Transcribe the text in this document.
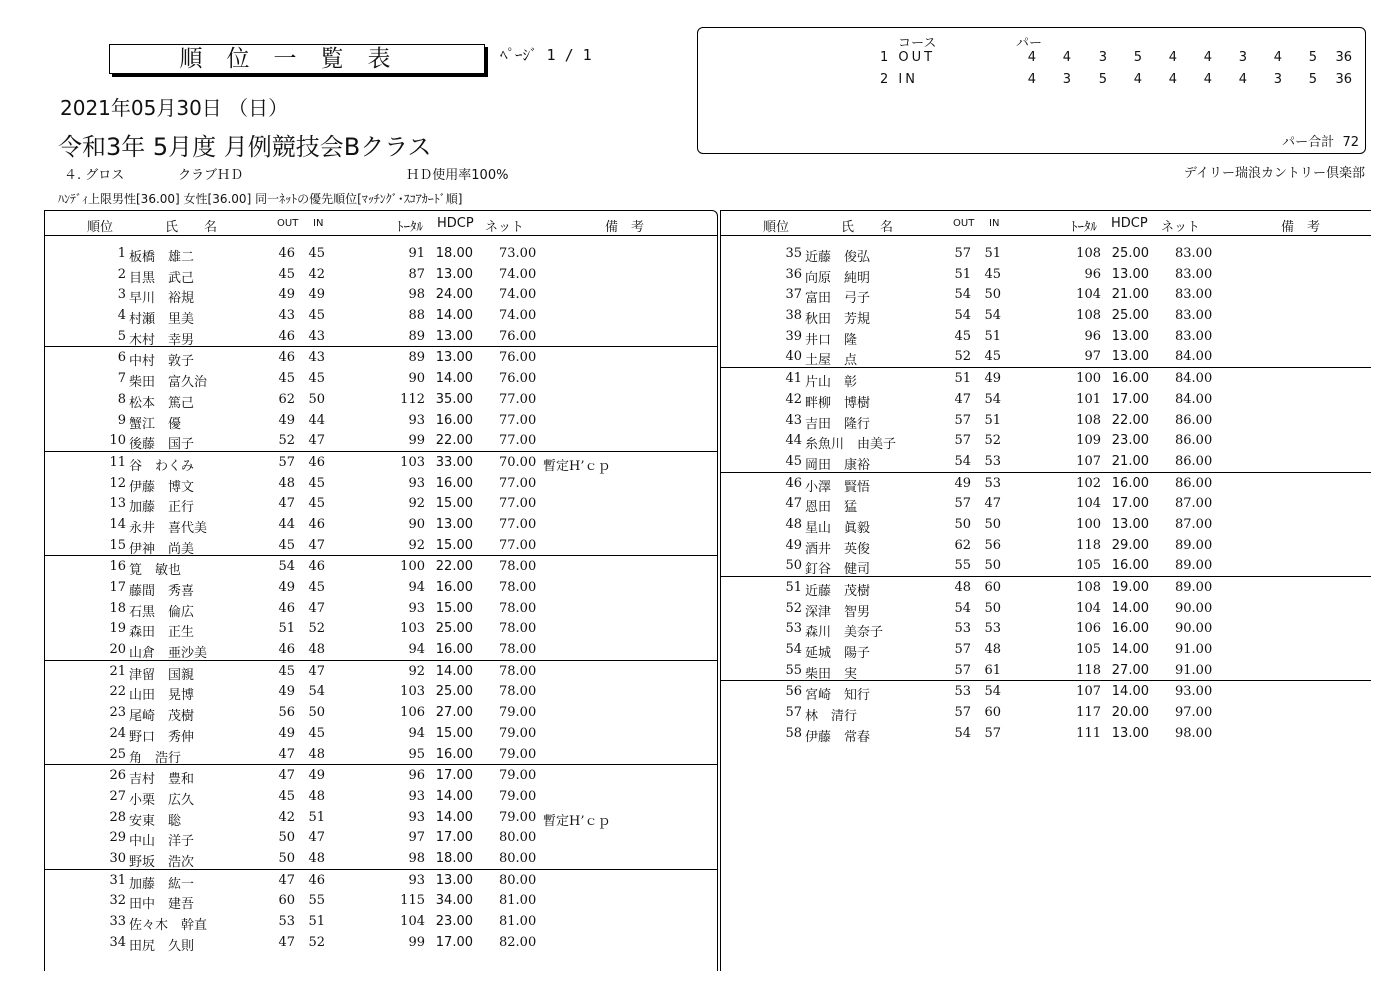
順位一覧表	ﾍﾟｰｼﾞ 1 / 1
2021年05月30日 （日）
令和3年 5月度 月例競技会Bクラス
４. グロス	クラブＨＤ	ＨＤ使用率100%
ﾊﾝﾃﾞｨ上限男性[36.00] 女性[36.00] 同一ﾈｯﾄの優先順位[ﾏｯﾁﾝｸﾞ･ｽｺｱｶｰﾄﾞ順]
デイリー瑞浪カントリー倶楽部
コース	パー
1 OUT	4	4	3	5	4	4	3	4	5 36
2 IN	4	3	5	4	4	4	4	3	5 36
パー合計 72
順位	氏　　名	OUT IN	ﾄｰﾀﾙ HDCP ネット	備　考
1 板橋　雄二	46 45	91 18.00 73.00
2 目黒　武己	45 42	87 13.00 74.00
3 早川　裕規	49 49	98 24.00 74.00
4 村瀬　里美	43 45	88 14.00 74.00
5 木村　幸男	46 43	89 13.00 76.00
6 中村　敦子	46 43	89 13.00 76.00
7 柴田　富久治	45 45	90 14.00 76.00
8 松本　篤己	62 50	112 35.00 77.00
9 蟹江　優	49 44	93 16.00 77.00
10 後藤　国子	52 47	99 22.00 77.00
11 谷　わくみ	57 46	103 33.00 70.00 暫定H’ｃｐ
12 伊藤　博文	48 45	93 16.00 77.00
13 加藤　正行	47 45	92 15.00 77.00
14 永井　喜代美	44 46	90 13.00 77.00
15 伊神　尚美	45 47	92 15.00 77.00
16 筧　敏也	54 46	100 22.00 78.00
17 藤間　秀喜	49 45	94 16.00 78.00
18 石黒　倫広	46 47	93 15.00 78.00
19 森田　正生	51 52	103 25.00 78.00
20 山倉　亜沙美	46 48	94 16.00 78.00
21 津留　国親	45 47	92 14.00 78.00
22 山田　晃博	49 54	103 25.00 78.00
23 尾崎　茂樹	56 50	106 27.00 79.00
24 野口　秀伸	49 45	94 15.00 79.00
25 角　浩行	47 48	95 16.00 79.00
26 吉村　豊和	47 49	96 17.00 79.00
27 小栗　広久	45 48	93 14.00 79.00
28 安東　聡	42 51	93 14.00 79.00 暫定H’ｃｐ
29 中山　洋子	50 47	97 17.00 80.00
30 野坂　浩次	50 48	98 18.00 80.00
31 加藤　紘一	47 46	93 13.00 80.00
32 田中　建吾	60 55	115 34.00 81.00
33 佐々木　幹直	53 51	104 23.00 81.00
34 田尻　久則	47 52	99 17.00 82.00
順位	氏　　名	OUT IN	ﾄｰﾀﾙ HDCP ネット	備　考
35 近藤　俊弘	57 51	108 25.00 83.00
36 向原　純明	51 45	96 13.00 83.00
37 富田　弓子	54 50	104 21.00 83.00
38 秋田　芳規	54 54	108 25.00 83.00
39 井口　隆	45 51	96 13.00 83.00
40 土屋　点	52 45	97 13.00 84.00
41 片山　彰	51 49	100 16.00 84.00
42 畔柳　博樹	47 54	101 17.00 84.00
43 吉田　隆行	57 51	108 22.00 86.00
44 糸魚川　由美子	57 52	109 23.00 86.00
45 岡田　康裕	54 53	107 21.00 86.00
46 小澤　賢悟	49 53	102 16.00 86.00
47 恩田　猛	57 47	104 17.00 87.00
48 星山　眞毅	50 50	100 13.00 87.00
49 酒井　英俊	62 56	118 29.00 89.00
50 釘谷　健司	55 50	105 16.00 89.00
51 近藤　茂樹	48 60	108 19.00 89.00
52 深津　智男	54 50	104 14.00 90.00
53 森川　美奈子	53 53	106 16.00 90.00
54 延城　陽子	57 48	105 14.00 91.00
55 柴田　実	57 61	118 27.00 91.00
56 宮崎　知行	53 54	107 14.00 93.00
57 林　清行	57 60	117 20.00 97.00
58 伊藤　常春	54 57	111 13.00 98.00
